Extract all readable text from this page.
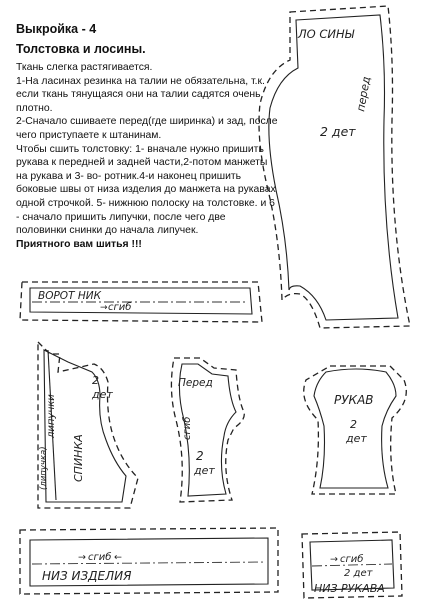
ЛО СИНЫ
перед
2 дет
ВОРОТ НИК
сгиб
→
2
дет
липучки
СПИНКА
(липучка)
Перед
сгиб
2
дет
РУКАВ
2
дет
→ сгиб ←
НИЗ ИЗДЕЛИЯ
→ сгиб
2 дет
НИЗ РУКАВА
Выкройка - 4
Толстовка и лосины.

Ткань слегка растягивается.

1-На ласинах резинка на талии не обязательна, т.к. если ткань тянущаяся они на талии садятся очень плотно.

2-Сначало сшиваете перед(где ширинка) и зад, после чего приступаете к штанинам.

Чтобы сшить толстовку: 1- вначале нужно пришить рукава к передней и задней части,2-потом манжеты на рукава и 3- во- ротник.4-и наконец пришить боковые швы от низа изделия до манжета на рукавах одной строчкой. 5- нижнюю полоску на толстовке. и 6 - сначало пришить липучки, после чего две половинки снинки до начала липучек.

Приятного вам шитья !!!
